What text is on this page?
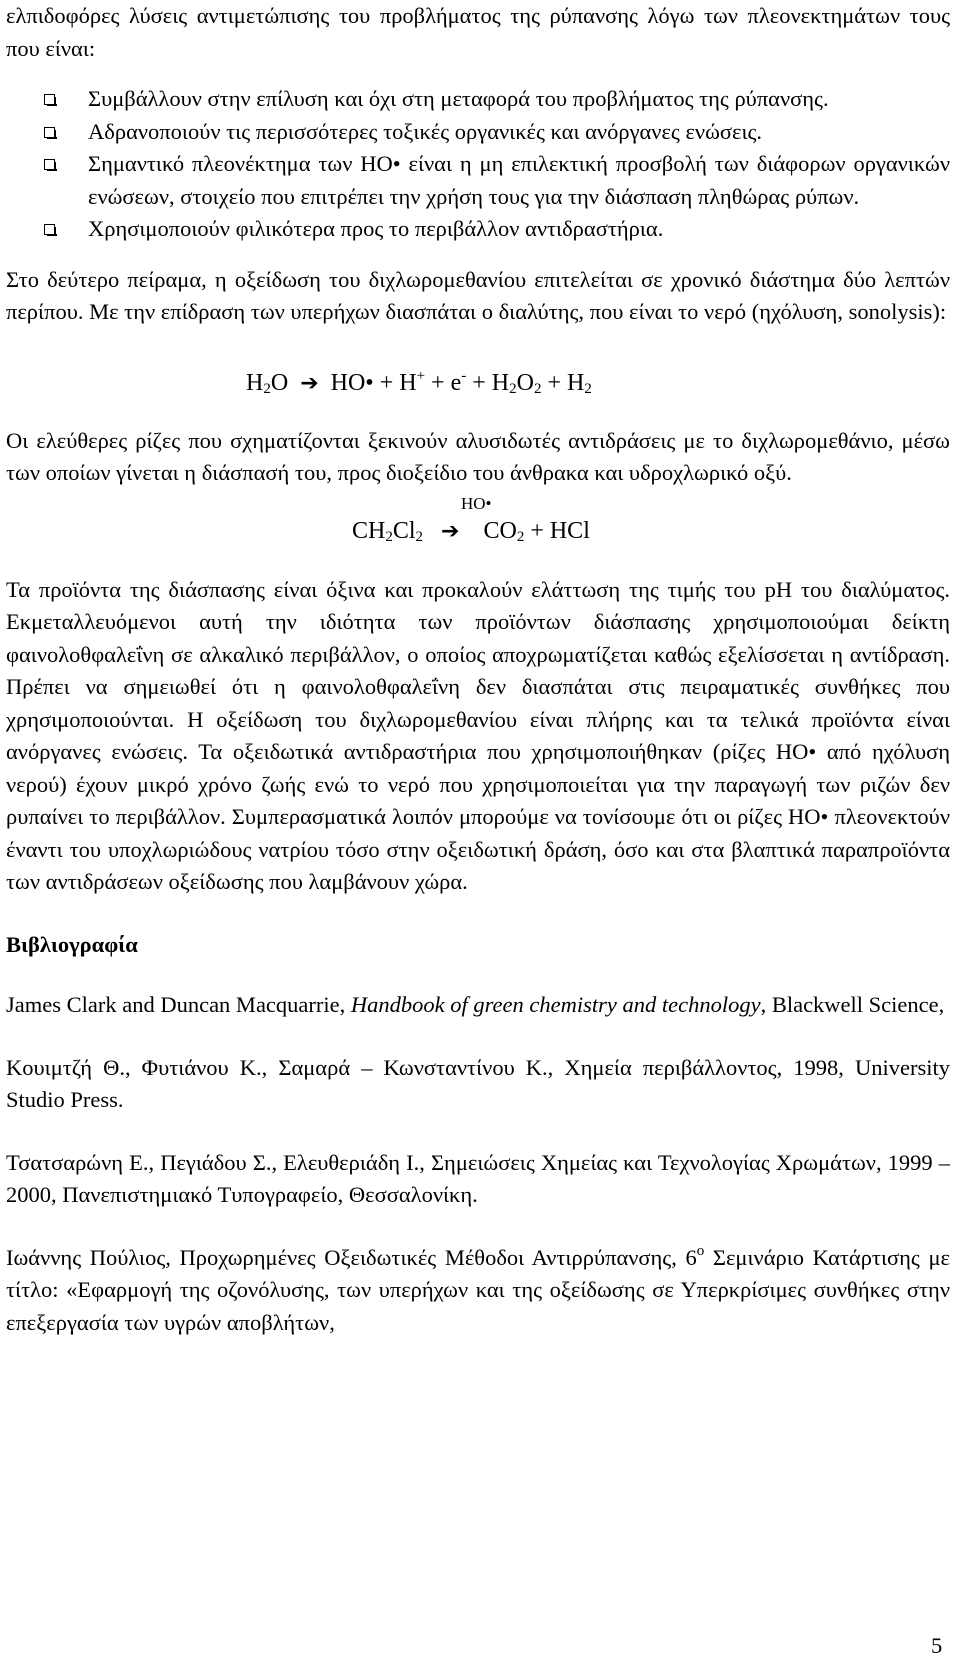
ελπιδοφόρες λύσεις αντιμετώπισης του προβλήματος της ρύπανσης λόγω των πλεονεκτημάτων τους που είναι:

Συμβάλλουν στην επίλυση και όχι στη μεταφορά του προβλήματος της ρύπανσης.
Αδρανοποιούν τις περισσότερες τοξικές οργανικές και ανόργανες ενώσεις.
Σημαντικό πλεονέκτημα των HO• είναι η μη επιλεκτική προσβολή των διάφορων οργανικών ενώσεων, στοιχείο που επιτρέπει την χρήση τους για την διάσπαση πληθώρας ρύπων.
Χρησιμοποιούν φιλικότερα προς το περιβάλλον αντιδραστήρια.

Στο δεύτερο πείραμα, η οξείδωση του διχλωρομεθανίου επιτελείται σε χρονικό διάστημα δύο λεπτών περίπου. Με την επίδραση των υπερήχων διασπάται ο διαλύτης, που είναι το νερό (ηχόλυση, sonolysis):

$H_2O$ ➔ HO• + $H^+ + e^- + H_2O_2 + H_2$

Οι ελεύθερες ρίζες που σχηματίζονται ξεκινούν αλυσιδωτές αντιδράσεις με το διχλωρομεθάνιο, μέσω των οποίων γίνεται η διάσπασή του, προς διοξείδιο του άνθρακα και υδροχλωρικό οξύ.

HO•
$CH_2Cl_2$ ➔ $CO_2$ + HCl

Τα προϊόντα της διάσπασης είναι όξινα και προκαλούν ελάττωση της τιμής του pH του διαλύματος. Εκμεταλλευόμενοι αυτή την ιδιότητα των προϊόντων διάσπασης χρησιμοποιούμαι δείκτη φαινολοθφαλεΐνη σε αλκαλικό περιβάλλον, ο οποίος αποχρωματίζεται καθώς εξελίσσεται η αντίδραση. Πρέπει να σημειωθεί ότι η φαινολοθφαλεΐνη δεν διασπάται στις πειραματικές συνθήκες που χρησιμοποιούνται. Η οξείδωση του διχλωρομεθανίου είναι πλήρης και τα τελικά προϊόντα είναι ανόργανες ενώσεις. Τα οξειδωτικά αντιδραστήρια που χρησιμοποιήθηκαν (ρίζες HO• από ηχόλυση νερού) έχουν μικρό χρόνο ζωής ενώ το νερό που χρησιμοποιείται για την παραγωγή των ριζών δεν ρυπαίνει το περιβάλλον. Συμπερασματικά λοιπόν μπορούμε να τονίσουμε ότι οι ρίζες HO• πλεονεκτούν έναντι του υποχλωριώδους νατρίου τόσο στην οξειδωτική δράση, όσο και στα βλαπτικά παραπροϊόντα των αντιδράσεων οξείδωσης που λαμβάνουν χώρα.

Βιβλιογραφία

James Clark and Duncan Macquarrie, Handbook of green chemistry and technology, Blackwell Science,

Κουιμτζή Θ., Φυτιάνου Κ., Σαμαρά – Κωνσταντίνου Κ., Χημεία περιβάλλοντος, 1998, University Studio Press.

Τσατσαρώνη Ε., Πεγιάδου Σ., Ελευθεριάδη Ι., Σημειώσεις Χημείας και Τεχνολογίας Χρωμάτων, 1999 – 2000, Πανεπιστημιακό Τυπογραφείο, Θεσσαλονίκη.

Ιωάννης Πούλιος, Προχωρημένες Οξειδωτικές Μέθοδοι Αντιρρύπανσης, $6^o$ Σεμινάριο Κατάρτισης με τίτλο: «Εφαρμογή της οζονόλυσης, των υπερήχων και της οξείδωσης σε Υπερκρίσιμες συνθήκες στην επεξεργασία των υγρών αποβλήτων,

5
